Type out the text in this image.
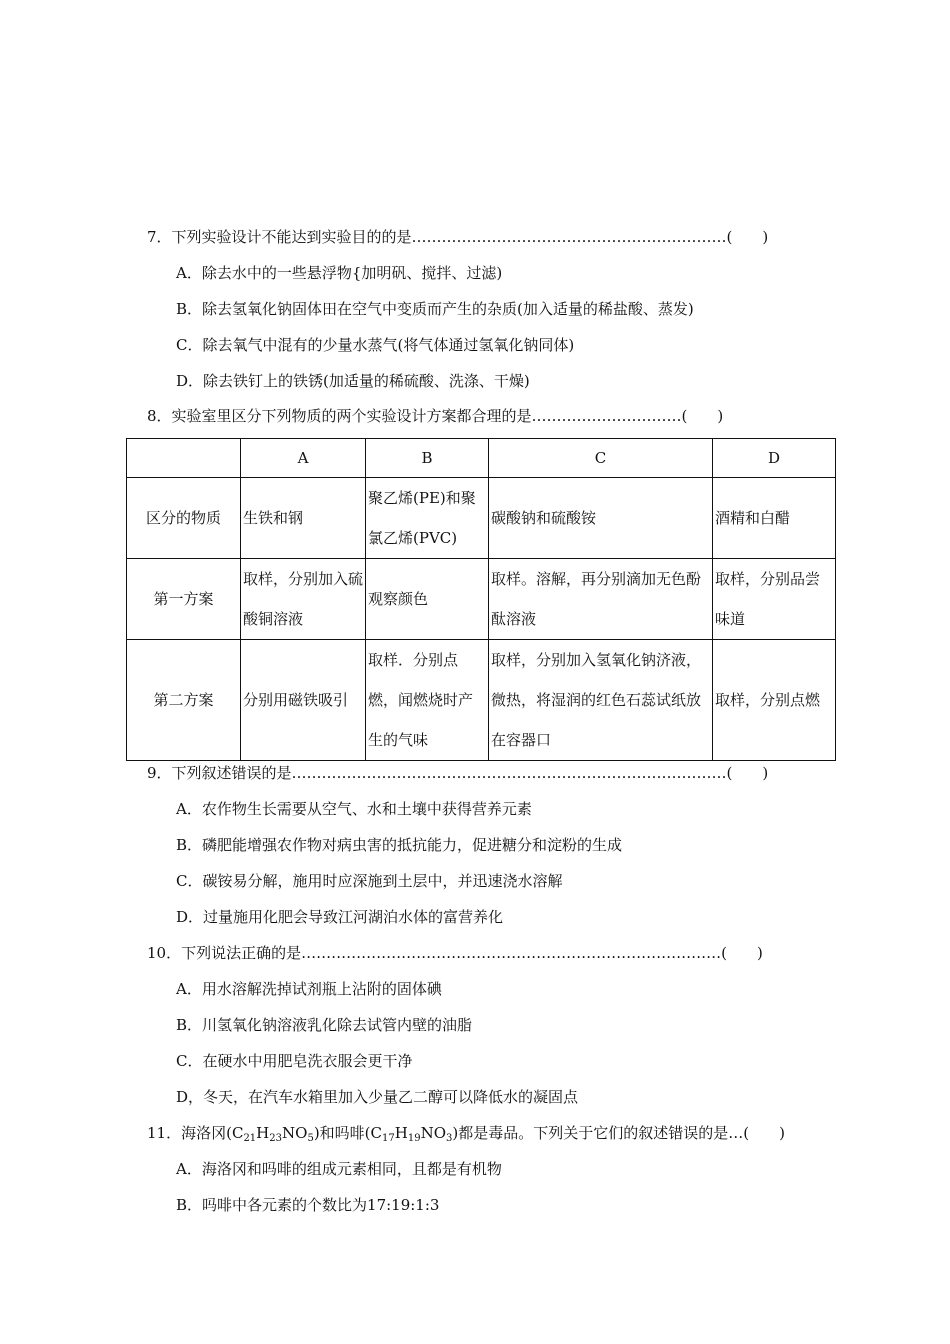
7．下列实验设计不能达到实验目的的是………………………………………………………(　　)
A．除去水中的一些悬浮物{加明矾、搅拌、过滤)
B．除去氢氧化钠固体田在空气中变质而产生的杂质(加入适量的稀盐酸、蒸发)
C．除去氧气中混有的少量水蒸气(将气体通过氢氧化钠同体)
D．除去铁钉上的铁锈(加适量的稀硫酸、洗涤、干燥)
8．实验室里区分下列物质的两个实验设计方案都合理的是…………………………(　　)
	A	B	C	D
区分的物质	生铁和钢	聚乙烯(PE)和聚氯乙烯(PVC)	碳酸钠和硫酸铵	酒精和白醋
第一方案	取样，分别加入硫酸铜溶液	观察颜色	取样。溶解，再分别滴加无色酚酞溶液	取样，分别品尝味道
第二方案	分别用磁铁吸引	取样．分别点燃，闻燃烧时产生的气味	取样，分别加入氢氧化钠济液，微热，将湿润的红色石蕊试纸放在容器口	取样，分别点燃
9．下列叙述错误的是……………………………………………………………………………(　　)
A．农作物生长需要从空气、水和土壤中获得营养元素
B．磷肥能增强农作物对病虫害的抵抗能力，促进糖分和淀粉的生成
C．碳铵易分解，施用时应深施到土层中，并迅速浇水溶解
D．过量施用化肥会导致江河湖泊水体的富营养化
10．下列说法正确的是…………………………………………………………………………(　　)
A．用水溶解洗掉试剂瓶上沾附的固体碘
B．川氢氧化钠溶液乳化除去试管内壁的油脂
C．在硬水中用肥皂洗衣服会更干净
D，冬天，在汽车水箱里加入少量乙二醇可以降低水的凝固点
11．海洛冈$(C_{21}H_{23}NO_5)$和吗啡$(C_{17}H_{19}NO_3)$都是毒品。下列关于它们的叙述错误的是…(　　)
A．海洛冈和吗啡的组成元素相同，且都是有机物
B．吗啡中各元素的个数比为17:19:1:3
